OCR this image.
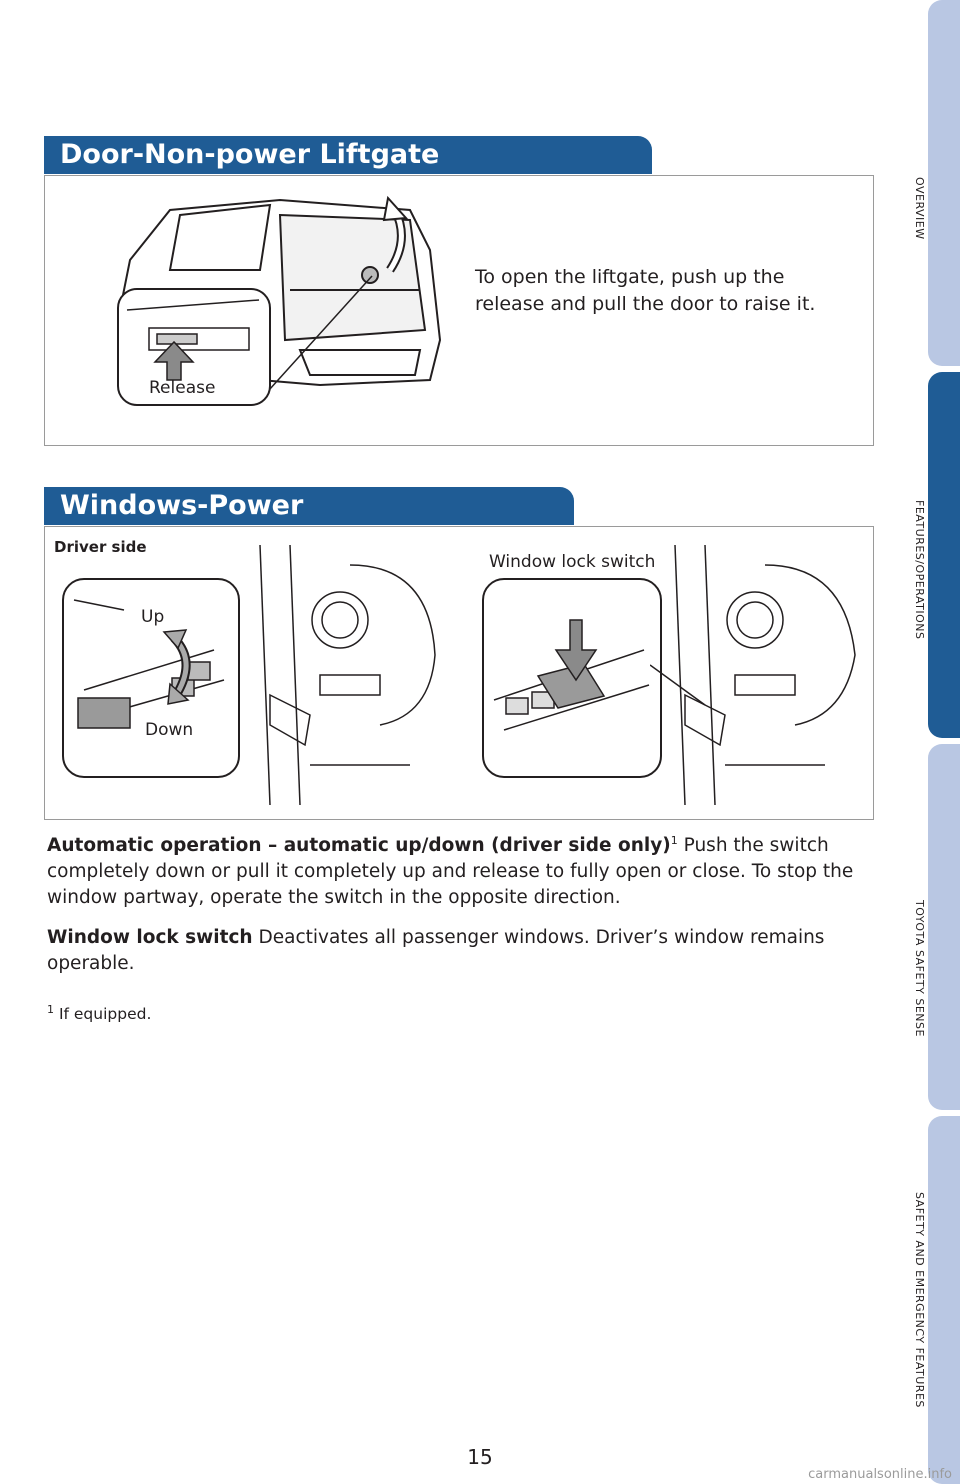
Door-Non-power Liftgate
Release
To open the liftgate, push up the release and pull the door to raise it.
Windows-Power
Driver side
Window lock switch
Up
Down

Automatic operation – automatic up/down (driver side only)$^1$ Push the switch completely down or pull it completely up and release to fully open or close. To stop the window partway, operate the switch in the opposite direction.

Window lock switch Deactivates all passenger windows. Driver’s window remains operable.

$^1$ If equipped.
15
OVERVIEW
FEATURES/OPERATIONS
TOYOTA SAFETY SENSE
SAFETY AND EMERGENCY FEATURES
carmanualsonline.info
